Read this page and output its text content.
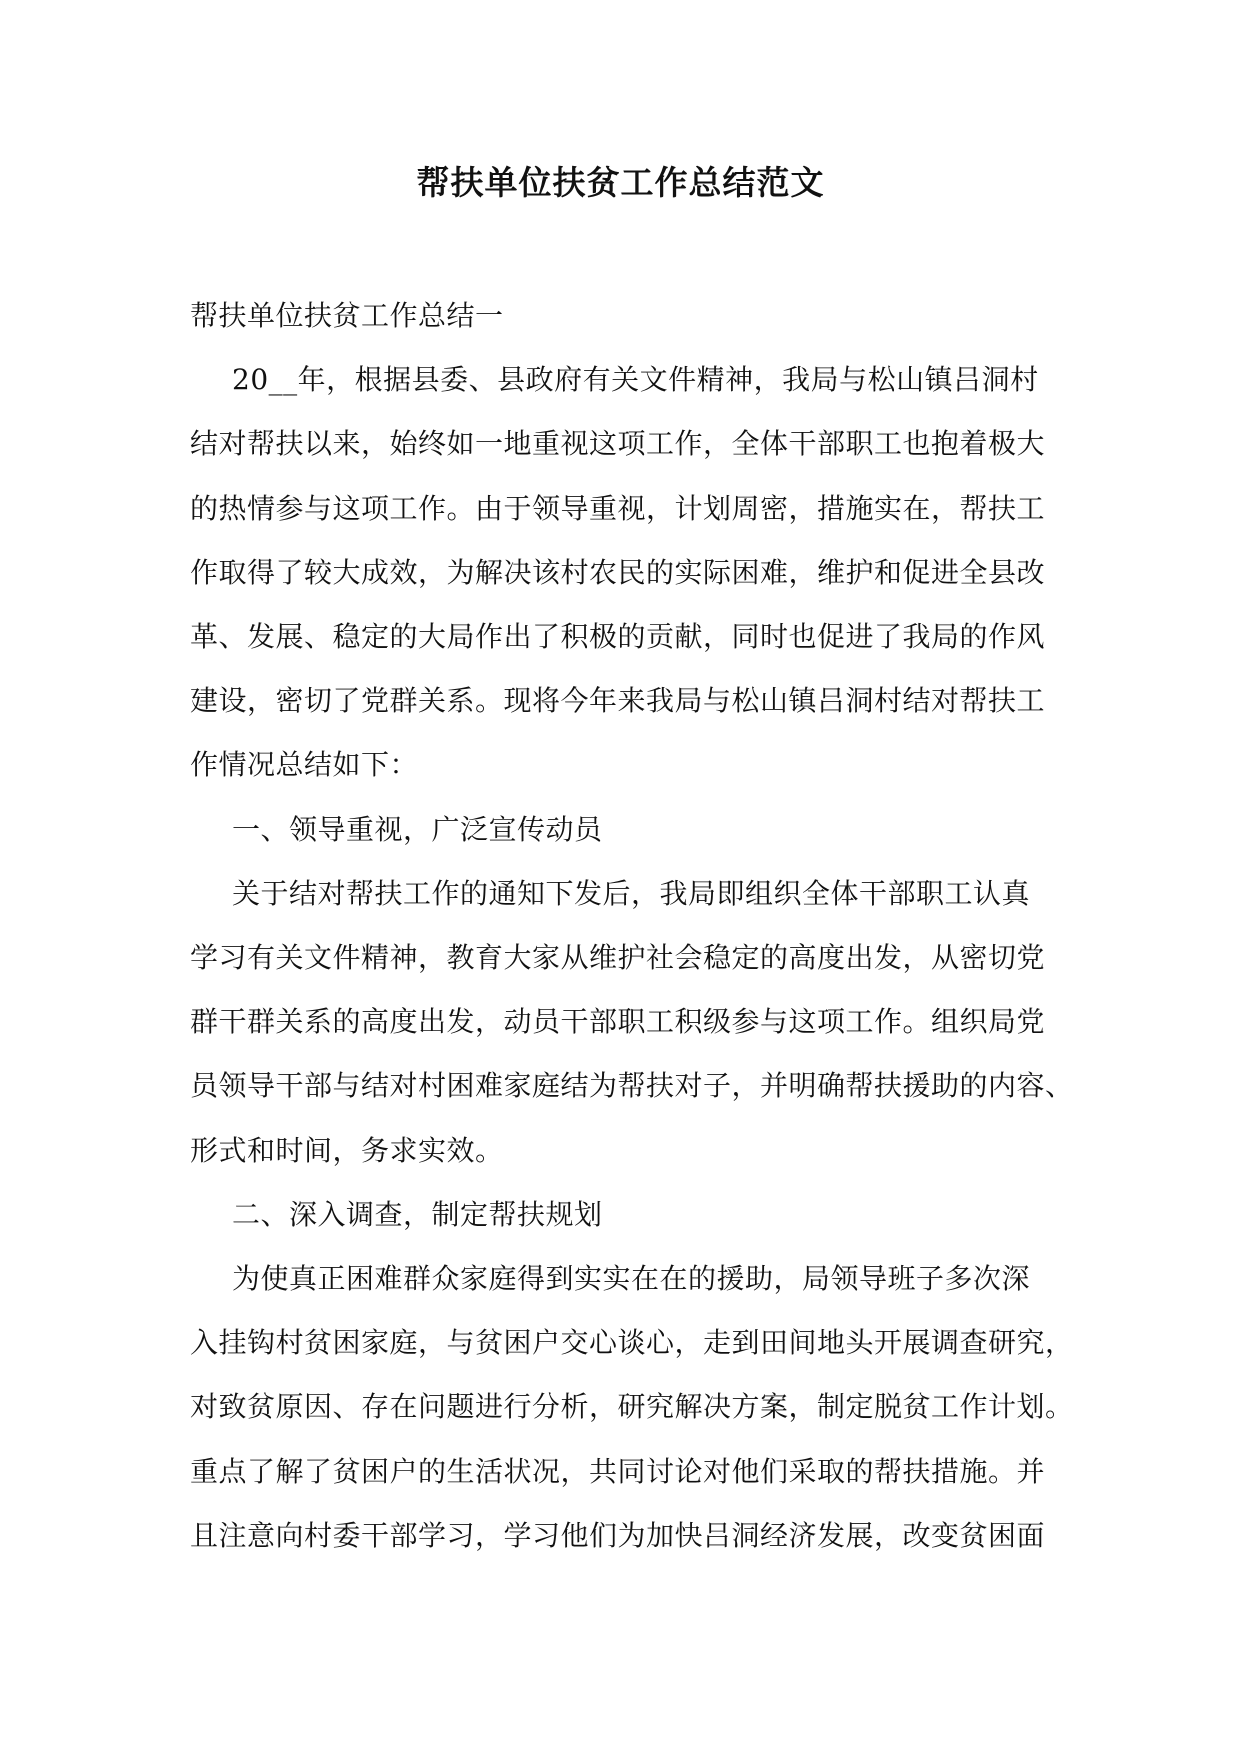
帮扶单位扶贫工作总结范文

帮扶单位扶贫工作总结一

20__年，根据县委、县政府有关文件精神，我局与松山镇吕洞村
结对帮扶以来，始终如一地重视这项工作，全体干部职工也抱着极大
的热情参与这项工作。由于领导重视，计划周密，措施实在，帮扶工
作取得了较大成效，为解决该村农民的实际困难，维护和促进全县改
革、发展、稳定的大局作出了积极的贡献，同时也促进了我局的作风
建设，密切了党群关系。现将今年来我局与松山镇吕洞村结对帮扶工
作情况总结如下：
一、领导重视，广泛宣传动员
关于结对帮扶工作的通知下发后，我局即组织全体干部职工认真
学习有关文件精神，教育大家从维护社会稳定的高度出发，从密切党
群干群关系的高度出发，动员干部职工积级参与这项工作。组织局党
员领导干部与结对村困难家庭结为帮扶对子，并明确帮扶援助的内容、
形式和时间，务求实效。
二、深入调查，制定帮扶规划
为使真正困难群众家庭得到实实在在的援助，局领导班子多次深
入挂钩村贫困家庭，与贫困户交心谈心，走到田间地头开展调查研究，
对致贫原因、存在问题进行分析，研究解决方案，制定脱贫工作计划。
重点了解了贫困户的生活状况，共同讨论对他们采取的帮扶措施。并
且注意向村委干部学习，学习他们为加快吕洞经济发展，改变贫困面
